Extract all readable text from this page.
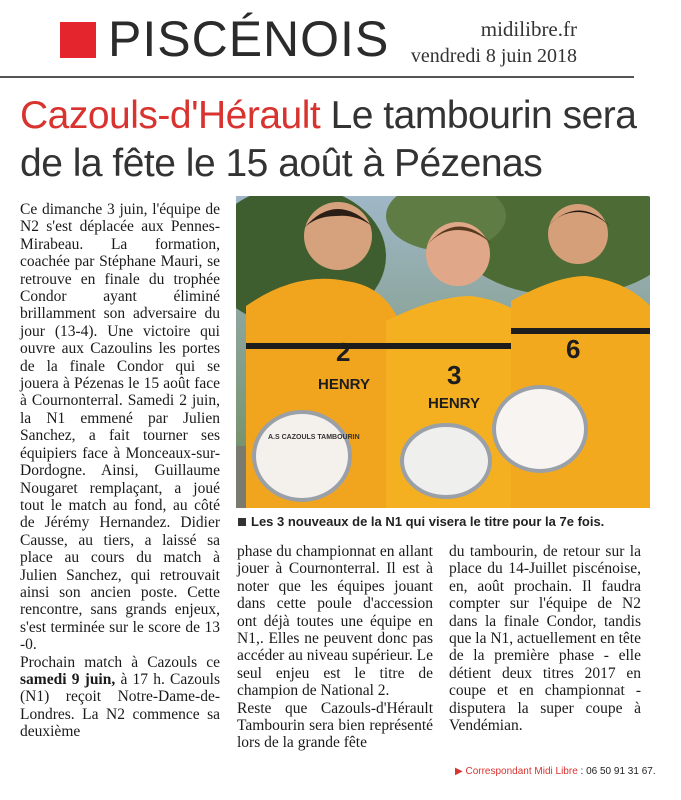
PISCÉNOIS	midilibre.fr
vendredi 8 juin 2018
Cazouls-d'Hérault Le tambourin sera de la fête le 15 août à Pézenas

Ce dimanche 3 juin, l'équipe de N2 s'est déplacée aux Pennes-Mirabeau. La formation, coachée par Stéphane Mauri, se retrouve en finale du trophée Condor ayant éliminé brillamment son adversaire du jour (13-4). Une victoire qui ouvre aux Cazoulins les portes de la finale Condor qui se jouera à Pézenas le 15 août face à Cournonterral. Samedi 2 juin, la N1 emmené par Julien Sanchez, a fait tourner ses équipiers face à Monceaux-sur-Dordogne. Ainsi, Guillaume Nougaret remplaçant, a joué tout le match au fond, au côté de Jérémy Hernandez. Didier Causse, au tiers, a laissé sa place au cours du match à Julien Sanchez, qui retrouvait ainsi son ancien poste. Cette rencontre, sans grands enjeux, s'est terminée sur le score de 13 -0.

Prochain match à Cazouls ce samedi 9 juin, à 17 h. Cazouls (N1) reçoit Notre-Dame-de-Londres. La N2 commence sa deuxième

2
HENRY	3
HENRY
6
A.S CAZOULS TAMBOURIN
Les 3 nouveaux de la N1 qui visera le titre pour la 7e fois.

phase du championnat en allant jouer à Cournonterral. Il est à noter que les équipes jouant dans cette poule d'accession ont déjà toutes une équipe en N1,. Elles ne peuvent donc pas accéder au niveau supérieur. Le seul enjeu est le titre de champion de National 2.

Reste que Cazouls-d'Hérault Tambourin sera bien représenté lors de la grande fête

du tambourin, de retour sur la place du 14-Juillet piscénoise, en, août prochain. Il faudra compter sur l'équipe de N2 dans la finale Condor, tandis que la N1, actuellement en tête de la première phase - elle détient deux titres 2017 en coupe et en championnat - disputera la super coupe à Vendémian.

▶ Correspondant Midi Libre : 06 50 91 31 67.
